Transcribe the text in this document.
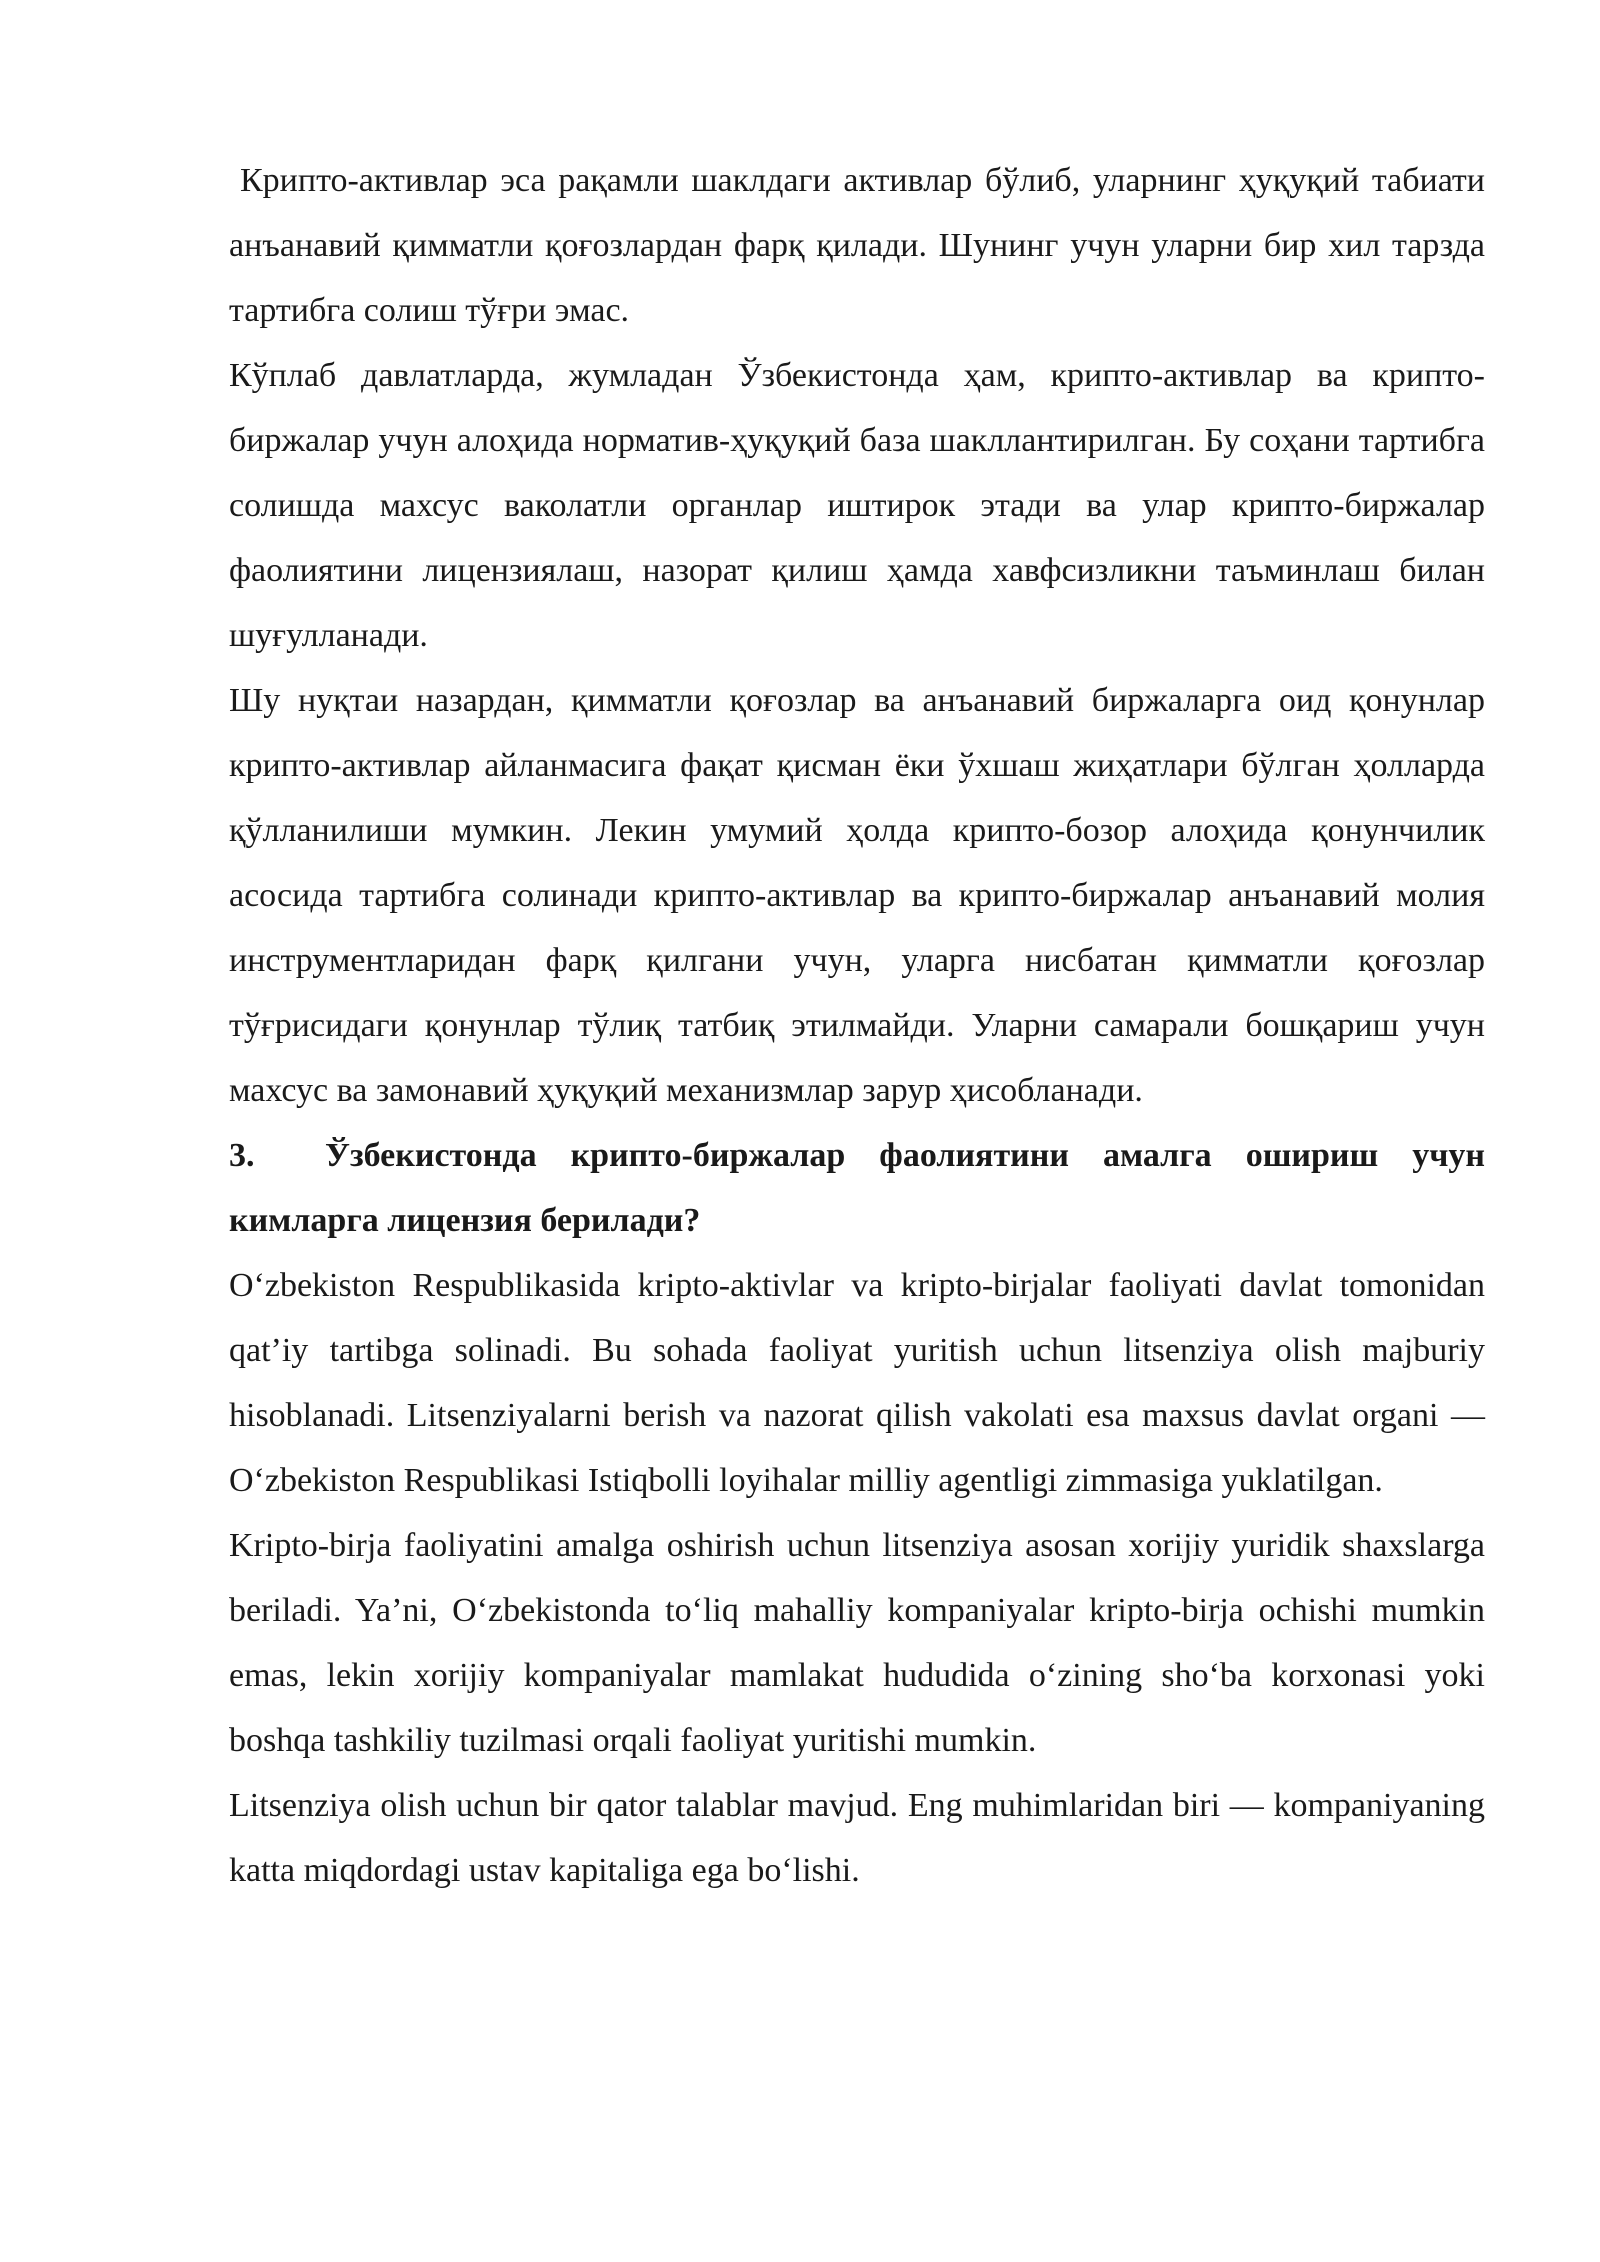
Крипто-активлар эса рақамли шаклдаги активлар бўлиб, уларнинг ҳуқуқий табиати анъанавий қимматли қоғозлардан фарқ қилади. Шунинг учун уларни бир хил тарзда тартибга солиш тўғри эмас.

Кўплаб давлатларда, жумладан Ўзбекистонда ҳам, крипто-активлар ва крипто-биржалар учун алоҳида норматив-ҳуқуқий база шакллантирилган. Бу соҳани тартибга солишда махсус ваколатли органлар иштирок этади ва улар крипто-биржалар фаолиятини лицензиялаш, назорат қилиш ҳамда хавфсизликни таъминлаш билан шуғулланади.

Шу нуқтаи назардан, қимматли қоғозлар ва анъанавий биржаларга оид қонунлар крипто-активлар айланмасига фақат қисман ёки ўхшаш жиҳатлари бўлган ҳолларда қўлланилиши мумкин. Лекин умумий ҳолда крипто-бозор алоҳида қонунчилик асосида тартибга солинади крипто-активлар ва крипто-биржалар анъанавий молия инструментларидан фарқ қилгани учун, уларга нисбатан қимматли қоғозлар тўғрисидаги қонунлар тўлиқ татбиқ этилмайди. Уларни самарали бошқариш учун махсус ва замонавий ҳуқуқий механизмлар зарур ҳисобланади.

3. Ўзбекистонда крипто-биржалар фаолиятини амалга ошириш учун кимларга лицензия берилади?

O‘zbekiston Respublikasida kripto-aktivlar va kripto-birjalar faoliyati davlat tomonidan qat’iy tartibga solinadi. Bu sohada faoliyat yuritish uchun litsenziya olish majburiy hisoblanadi. Litsenziyalarni berish va nazorat qilish vakolati esa maxsus davlat organi — O‘zbekiston Respublikasi Istiqbolli loyihalar milliy agentligi zimmasiga yuklatilgan.

Kripto-birja faoliyatini amalga oshirish uchun litsenziya asosan xorijiy yuridik shaxslarga beriladi. Ya’ni, O‘zbekistonda to‘liq mahalliy kompaniyalar kripto-birja ochishi mumkin emas, lekin xorijiy kompaniyalar mamlakat hududida o‘zining sho‘ba korxonasi yoki boshqa tashkiliy tuzilmasi orqali faoliyat yuritishi mumkin.

Litsenziya olish uchun bir qator talablar mavjud. Eng muhimlaridan biri — kompaniyaning katta miqdordagi ustav kapitaliga ega bo‘lishi.
